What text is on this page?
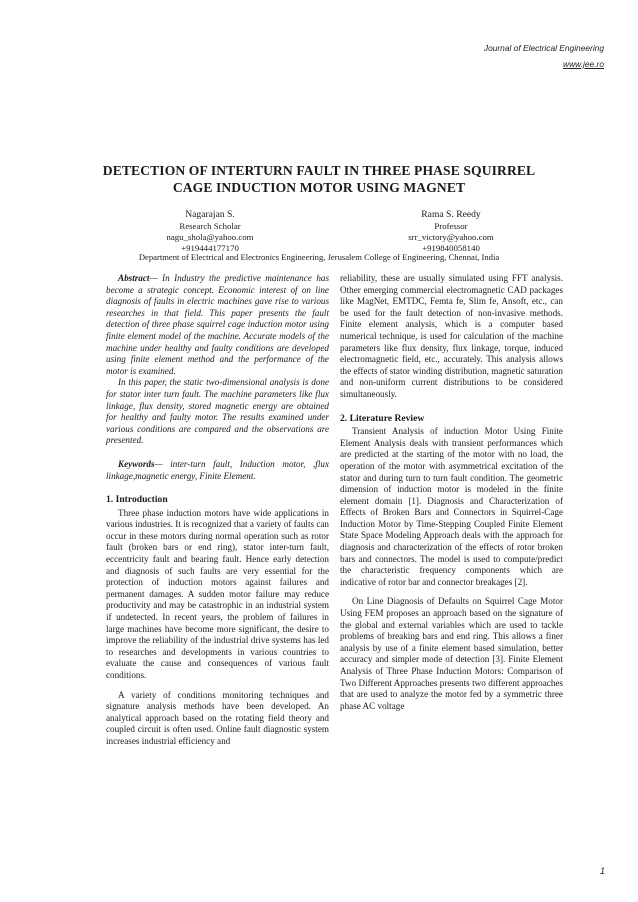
Journal of Electrical Engineering
www.jee.ro
DETECTION OF INTERTURN FAULT IN THREE PHASE SQUIRREL
CAGE INDUCTION MOTOR USING MAGNET
Nagarajan S.
Research Scholar
nagu_shola@yahoo.com
+919444177170
Rama S. Reedy
Professor
srr_victory@yahoo.com
+919840058140
Department of Electrical and Electronics Engineering, Jerusalem College of Engineering, Chennai, India

Abstract— In Industry the predictive maintenance has become a strategic concept. Economic interest of on line diagnosis of faults in electric machines gave rise to various researches in that field. This paper presents the fault detection of three phase squirrel cage induction motor using finite element model of the machine. Accurate models of the machine under healthy and faulty conditions are developed using finite element method and the performance of the motor is examined.

In this paper, the static two-dimensional analysis is done for stator inter turn fault. The machine parameters like flux linkage, flux density, stored magnetic energy are obtained for healthy and faulty motor. The results examined under various conditions are compared and the observations are presented.

Keywords— inter-turn fault, Induction motor, ,flux linkage,magnetic energy, Finite Element.

1. Introduction

Three phase induction motors have wide applications in various industries. It is recognized that a variety of faults can occur in these motors during normal operation such as rotor fault (broken bars or end ring), stator inter-turn fault, eccentricity fault and bearing fault. Hence early detection and diagnosis of such faults are very essential for the protection of induction motors against failures and permanent damages. A sudden motor failure may reduce productivity and may be catastrophic in an industrial system if undetected. In recent years, the problem of failures in large machines have become more significant, the desire to improve the reliability of the industrial drive systems has led to researches and developments in various countries to evaluate the cause and consequences of various fault conditions.

A variety of conditions monitoring techniques and signature analysis methods have been developed. An analytical approach based on the rotating field theory and coupled circuit is often used. Online fault diagnostic system increases industrial efficiency and

reliability, these are usually simulated using FFT analysis. Other emerging commercial electromagnetic CAD packages like MagNet, EMTDC, Femta fe, Slim fe, Ansoft, etc., can be used for the fault detection of non-invasive methods. Finite element analysis, which is a computer based numerical technique, is used for calculation of the machine parameters like flux density, flux linkage, torque, induced electromagnetic field, etc., accurately. This analysis allows the effects of stator winding distribution, magnetic saturation and non-uniform current distributions to be considered simultaneously.

2. Literature Review

Transient Analysis of induction Motor Using Finite Element Analysis deals with transient performances which are predicted at the starting of the motor with no load, the operation of the motor with asymmetrical excitation of the stator and during turn to turn fault condition. The geometric dimension of induction motor is modeled in the finite element domain [1]. Diagnosis and Characterization of Effects of Broken Bars and Connectors in Squirrel-Cage Induction Motor by Time-Stepping Coupled Finite Element State Space Modeling Approach deals with the approach for diagnosis and characterization of the effects of rotor broken bars and connectors. The model is used to compute/predict the characteristic frequency components which are indicative of rotor bar and connector breakages [2].

On Line Diagnosis of Defaults on Squirrel Cage Motor Using FEM proposes an approach based on the signature of the global and external variables which are used to tackle problems of breaking bars and end ring. This allows a finer analysis by use of a finite element based simulation, better accuracy and simpler mode of detection [3]. Finite Element Analysis of Three Phase Induction Motors: Comparison of Two Different Approaches presents two different approaches that are used to analyze the motor fed by a symmetric three phase AC voltage

1
